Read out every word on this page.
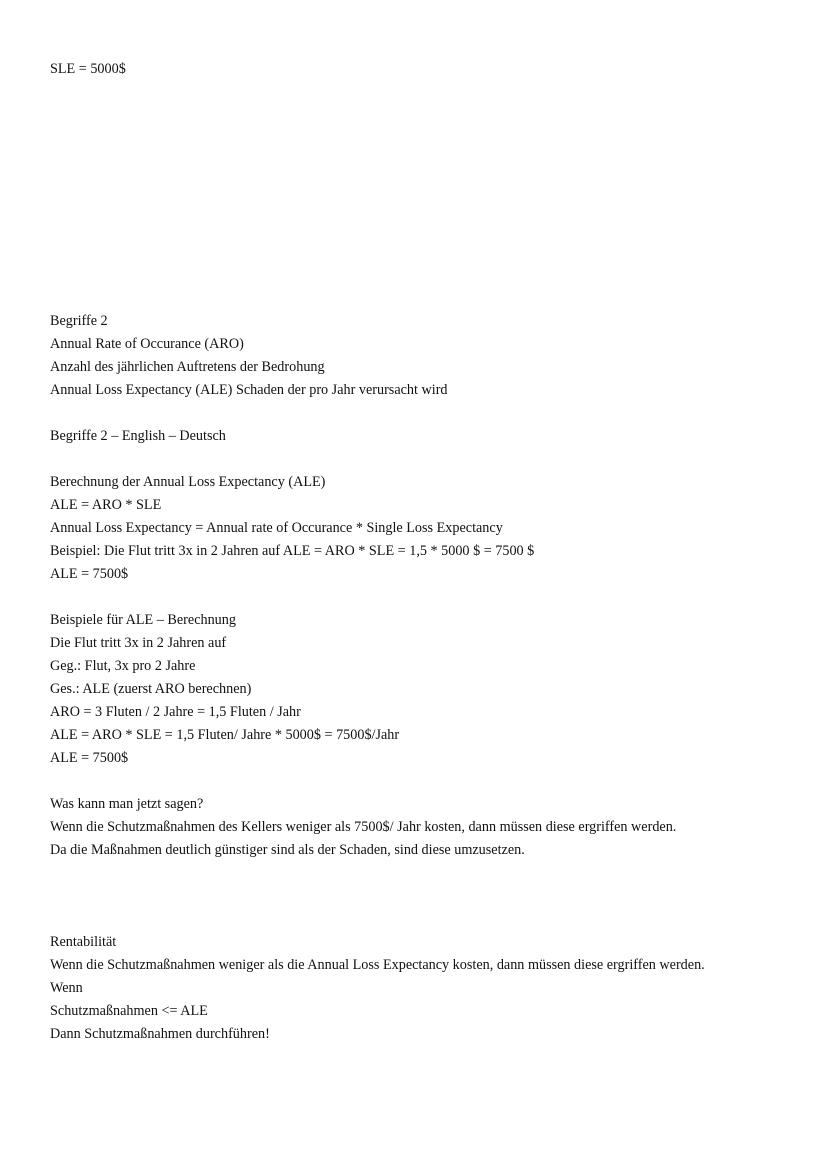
SLE = 5000$
Begriffe 2
Annual Rate of Occurance (ARO)
Anzahl des jährlichen Auftretens der Bedrohung
Annual Loss Expectancy (ALE) Schaden der pro Jahr verursacht wird
Begriffe 2 – English – Deutsch
Berechnung der Annual Loss Expectancy (ALE)
ALE = ARO * SLE
Annual Loss Expectancy = Annual rate of Occurance * Single Loss Expectancy
Beispiel: Die Flut tritt 3x in 2 Jahren auf ALE = ARO * SLE = 1,5 * 5000 $ = 7500 $
ALE = 7500$
Beispiele für ALE – Berechnung
Die Flut tritt 3x in 2 Jahren auf
Geg.: Flut, 3x pro 2 Jahre
Ges.: ALE (zuerst ARO berechnen)
ARO = 3 Fluten / 2 Jahre = 1,5 Fluten / Jahr
ALE = ARO * SLE = 1,5 Fluten/ Jahre * 5000$ = 7500$/Jahr
ALE = 7500$
Was kann man jetzt sagen?
Wenn die Schutzmaßnahmen des Kellers weniger als 7500$/ Jahr kosten, dann müssen diese ergriffen werden.
Da die Maßnahmen deutlich günstiger sind als der Schaden, sind diese umzusetzen.
Rentabilität
Wenn die Schutzmaßnahmen weniger als die Annual Loss Expectancy kosten, dann müssen diese ergriffen werden.
Wenn
Schutzmaßnahmen <= ALE
Dann Schutzmaßnahmen durchführen!
